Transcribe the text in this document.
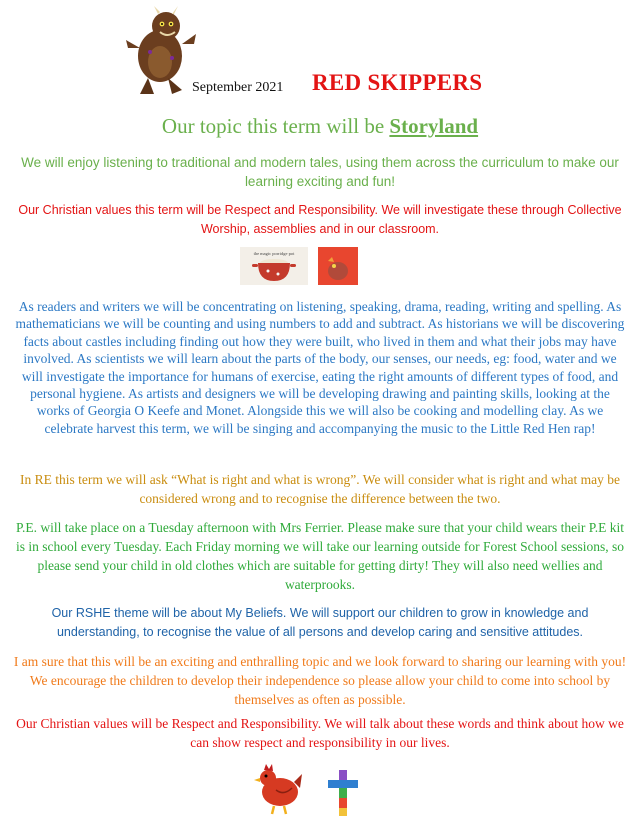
September 2021 RED SKIPPERS
Our topic this term will be Storyland
We will enjoy listening to traditional and modern tales, using them across the curriculum to make our learning exciting and fun!
Our Christian values this term will be Respect and Responsibility. We will investigate these through Collective Worship, assemblies and in our classroom.
the magic porridge pot
As readers and writers we will be concentrating on listening, speaking, drama, reading, writing and spelling. As mathematicians we will be counting and using numbers to add and subtract. As historians we will be discovering facts about castles including finding out how they were built, who lived in them and what their jobs may have involved. As scientists we will learn about the parts of the body, our senses, our needs, eg: food, water and we will investigate the importance for humans of exercise, eating the right amounts of different types of food, and personal hygiene. As artists and designers we will be developing drawing and painting skills, looking at the works of Georgia O Keefe and Monet. Alongside this we will also be cooking and modelling clay. As we celebrate harvest this term, we will be singing and accompanying the music to the Little Red Hen rap!
In RE this term we will ask “What is right and what is wrong”. We will consider what is right and what may be considered wrong and to recognise the difference between the two.
P.E. will take place on a Tuesday afternoon with Mrs Ferrier. Please make sure that your child wears their P.E kit is in school every Tuesday. Each Friday morning we will take our learning outside for Forest School sessions, so please send your child in old clothes which are suitable for getting dirty! They will also need wellies and waterprooks.
Our RSHE theme will be about My Beliefs. We will support our children to grow in knowledge and understanding, to recognise the value of all persons and develop caring and sensitive attitudes.
I am sure that this will be an exciting and enthralling topic and we look forward to sharing our learning with you! We encourage the children to develop their independence so please allow your child to come into school by themselves as often as possible.
Our Christian values will be Respect and Responsibility. We will talk about these words and think about how we can show respect and responsibility in our lives.
